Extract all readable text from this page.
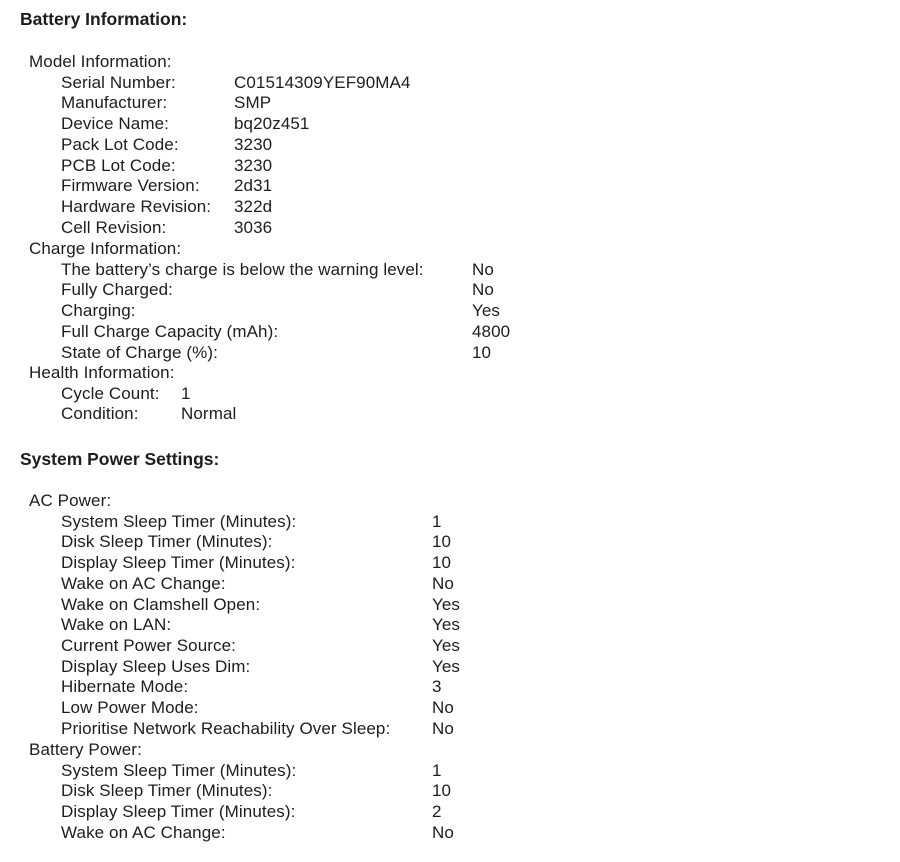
Battery Information:
Model Information:
Serial Number:	C01514309YEF90MA4
Manufacturer:	SMP
Device Name:	bq20z451
Pack Lot Code:	3230
PCB Lot Code:	3230
Firmware Version:	2d31
Hardware Revision:	322d
Cell Revision:	3036
Charge Information:
The battery’s charge is below the warning level:	No
Fully Charged:	No
Charging:	Yes
Full Charge Capacity (mAh):	4800
State of Charge (%):	10
Health Information:
Cycle Count:	1
Condition:	Normal
System Power Settings:
AC Power:
System Sleep Timer (Minutes):	1
Disk Sleep Timer (Minutes):	10
Display Sleep Timer (Minutes):	10
Wake on AC Change:	No
Wake on Clamshell Open:	Yes
Wake on LAN:	Yes
Current Power Source:	Yes
Display Sleep Uses Dim:	Yes
Hibernate Mode:	3
Low Power Mode:	No
Prioritise Network Reachability Over Sleep:	No
Battery Power:
System Sleep Timer (Minutes):	1
Disk Sleep Timer (Minutes):	10
Display Sleep Timer (Minutes):	2
Wake on AC Change:	No
